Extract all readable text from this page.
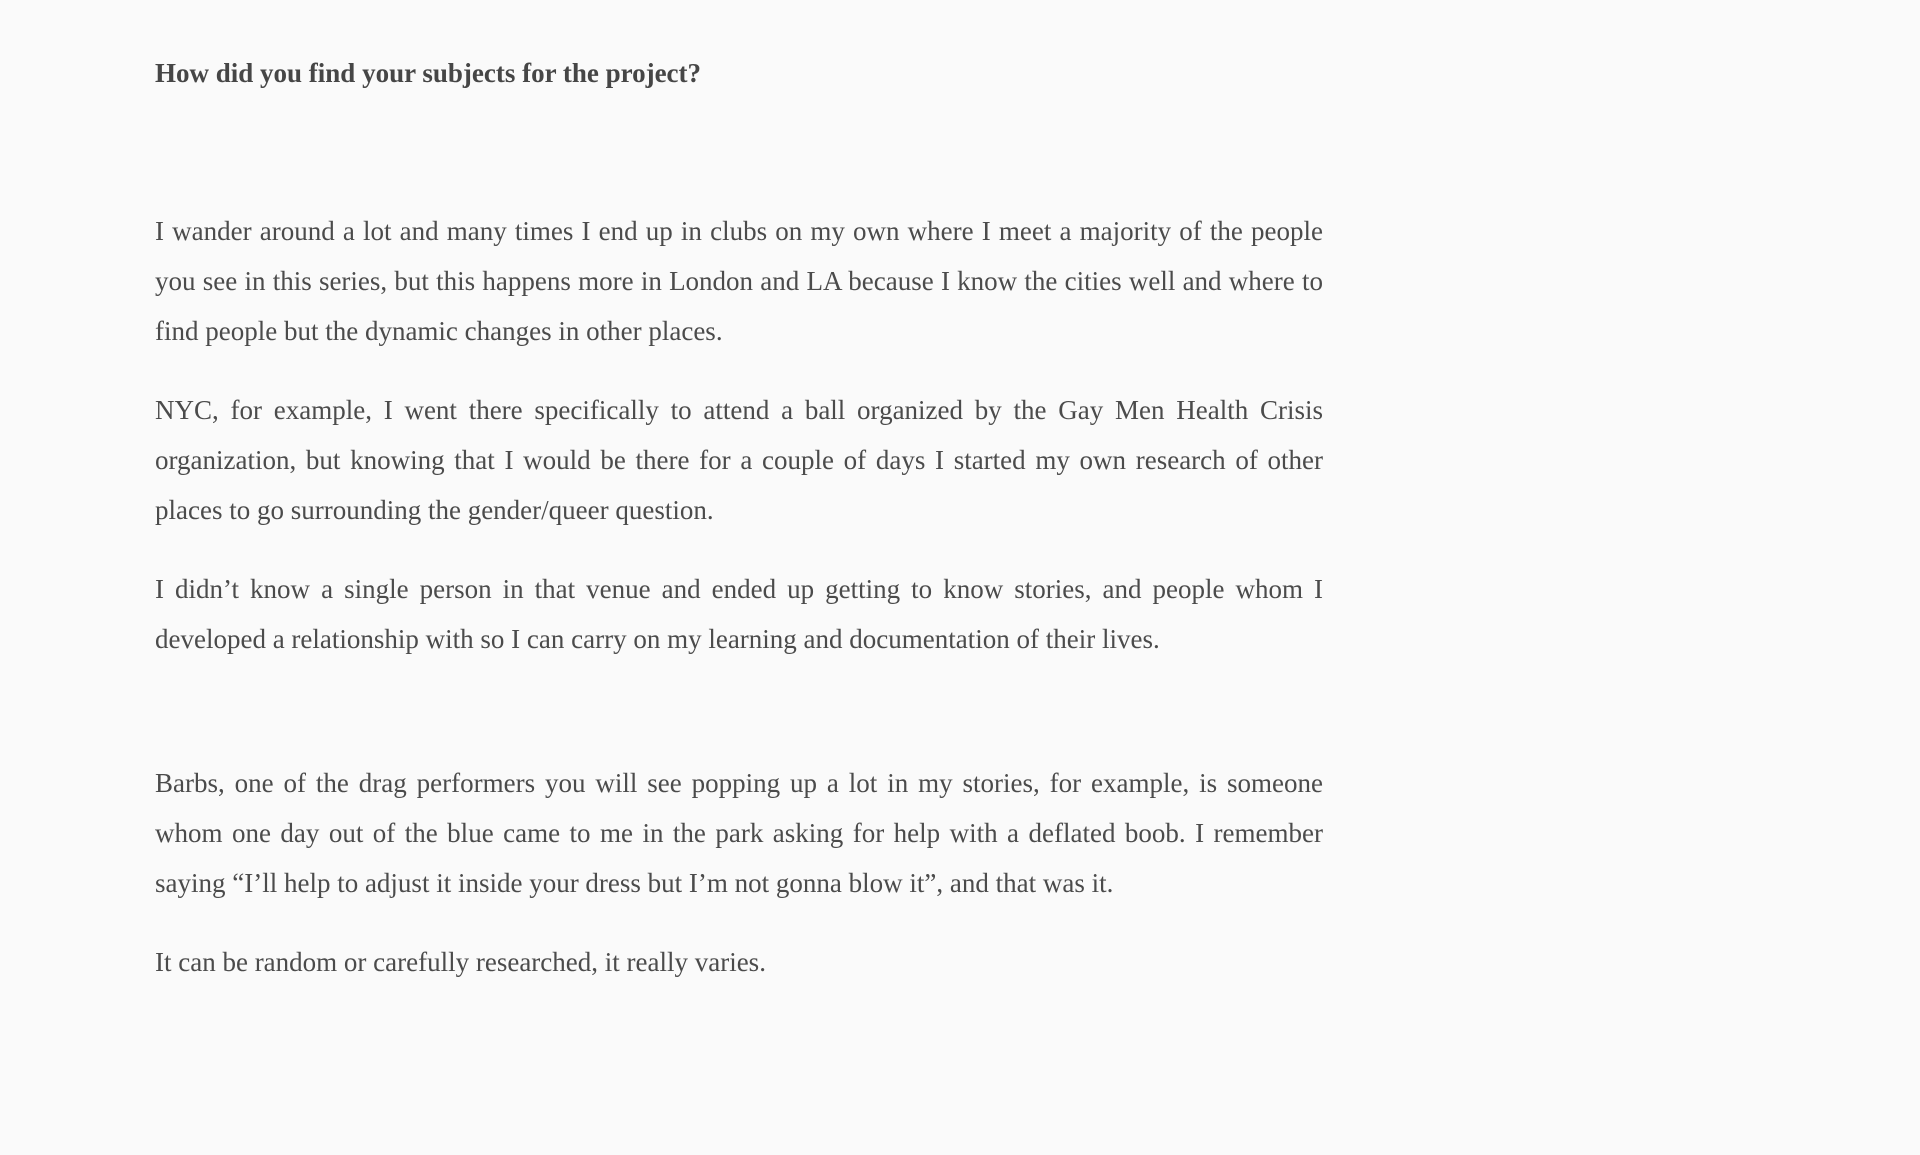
How did you find your subjects for the project?

I wander around a lot and many times I end up in clubs on my own where I meet a majority of the people you see in this series, but this happens more in London and LA because I know the cities well and where to find people but the dynamic changes in other places.

NYC, for example, I went there specifically to attend a ball organized by the Gay Men Health Crisis organization, but knowing that I would be there for a couple of days I started my own research of other places to go surrounding the gender/queer question.

I didn’t know a single person in that venue and ended up getting to know stories, and people whom I developed a relationship with so I can carry on my learning and documentation of their lives.

Barbs, one of the drag performers you will see popping up a lot in my stories, for example, is someone whom one day out of the blue came to me in the park asking for help with a deflated boob. I remember saying “I’ll help to adjust it inside your dress but I’m not gonna blow it”, and that was it.

It can be random or carefully researched, it really varies.
